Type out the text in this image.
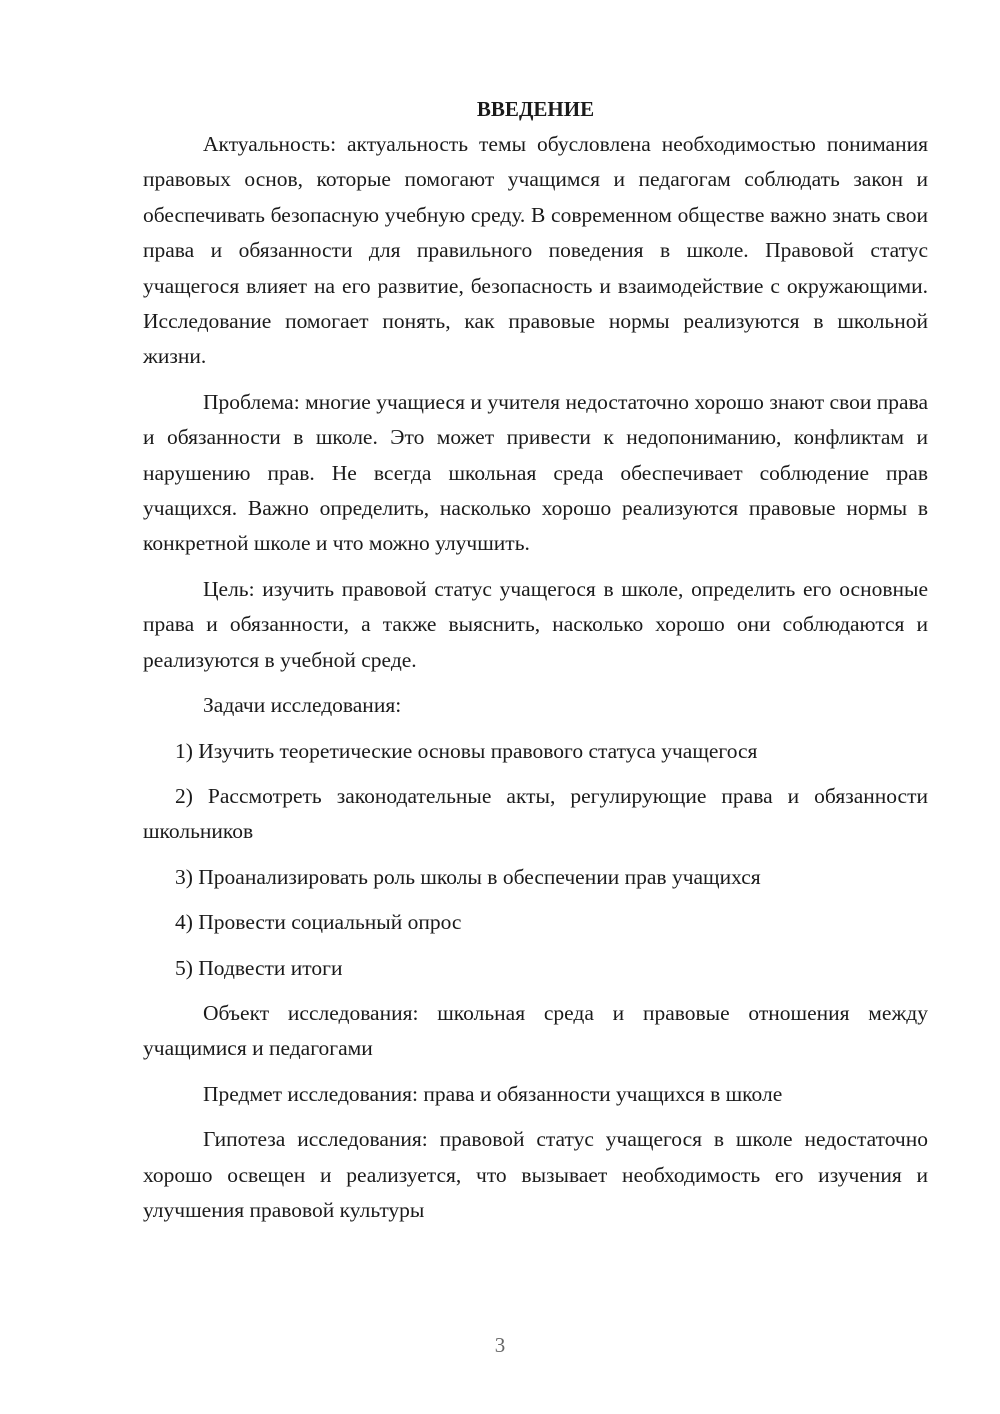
ВВЕДЕНИЕ

Актуальность: актуальность темы обусловлена необходимостью понимания правовых основ, которые помогают учащимся и педагогам соблюдать закон и обеспечивать безопасную учебную среду. В современном обществе важно знать свои права и обязанности для правильного поведения в школе. Правовой статус учащегося влияет на его развитие, безопасность и взаимодействие с окружающими. Исследование помогает понять, как правовые нормы реализуются в школьной жизни.

Проблема: многие учащиеся и учителя недостаточно хорошо знают свои права и обязанности в школе. Это может привести к недопониманию, конфликтам и нарушению прав. Не всегда школьная среда обеспечивает соблюдение прав учащихся. Важно определить, насколько хорошо реализуются правовые нормы в конкретной школе и что можно улучшить.

Цель: изучить правовой статус учащегося в школе, определить его основные права и обязанности, а также выяснить, насколько хорошо они соблюдаются и реализуются в учебной среде.

Задачи исследования:

1) Изучить теоретические основы правового статуса учащегося

2) Рассмотреть законодательные акты, регулирующие права и обязанности школьников

3) Проанализировать роль школы в обеспечении прав учащихся

4) Провести социальный опрос

5) Подвести итоги

Объект исследования: школьная среда и правовые отношения между учащимися и педагогами

Предмет исследования: права и обязанности учащихся в школе

Гипотеза исследования: правовой статус учащегося в школе недостаточно хорошо освещен и реализуется, что вызывает необходимость его изучения и улучшения правовой культуры

3
